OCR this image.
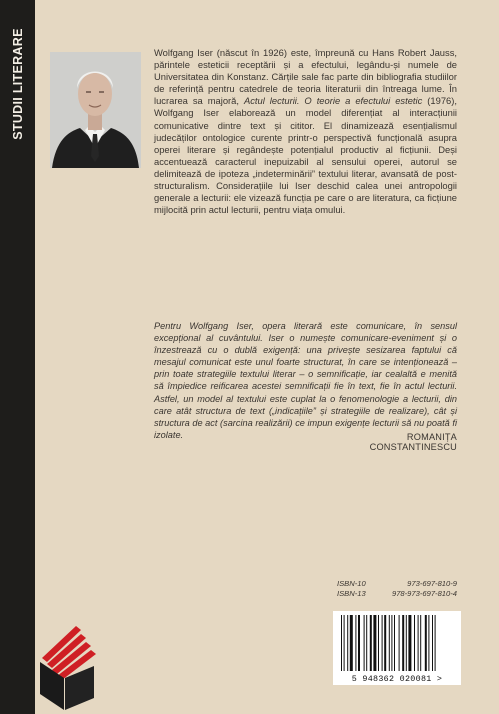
STUDII LITERARE	Wolfgang Iser (născut în 1926) este, împreună cu Hans Robert Jauss, părintele esteticii receptării și a efectului, legându-și numele de Universitatea din Konstanz. Cărțile sale fac parte din bibliografia studiilor de referință pentru catedrele de teoria literaturii din întreaga lume. În lucrarea sa majoră, Actul lecturii. O teorie a efectului estetic (1976), Wolfgang Iser elaborează un model diferențiat al interacțiunii comunicative dintre text și cititor. El dinamizează esențialismul judecăților ontologice curente printr-o perspectivă funcțională asupra operei literare și regândește potențialul productiv al ficțiunii. Deși accentuează caracterul inepuizabil al sensului operei, autorul se delimitează de ipoteza „indeterminării” textului literar, avansată de post-structuralism. Considerațiile lui Iser deschid calea unei antropologii generale a lecturii: ele vizează funcția pe care o are literatura, ca ficțiune mijlocită prin actul lecturii, pentru viața omului.

Pentru Wolfgang Iser, opera literară este comunicare, în sensul excepțional al cuvântului. Iser o numește comunicare-eveniment și o înzestrează cu o dublă exigență: una privește sesizarea faptului că mesajul comunicat este unul foarte structurat, în care se intenționează – prin toate strategiile textului literar – o semnificație, iar cealaltă e menită să împiedice reificarea acestei semnificații fie în text, fie în actul lecturii. Astfel, un model al textului este cuplat la o fenomenologie a lecturii, din care atât structura de text („indicațiile” și strategiile de realizare), cât și structura de act (sarcina realizării) ce impun exigențe lecturii să nu poată fi izolate.	ROMANIȚA CONSTANTINESCU
ISBN-10	973-697-810-9
ISBN-13	978-973-697-810-4
5 948362 020081 >
